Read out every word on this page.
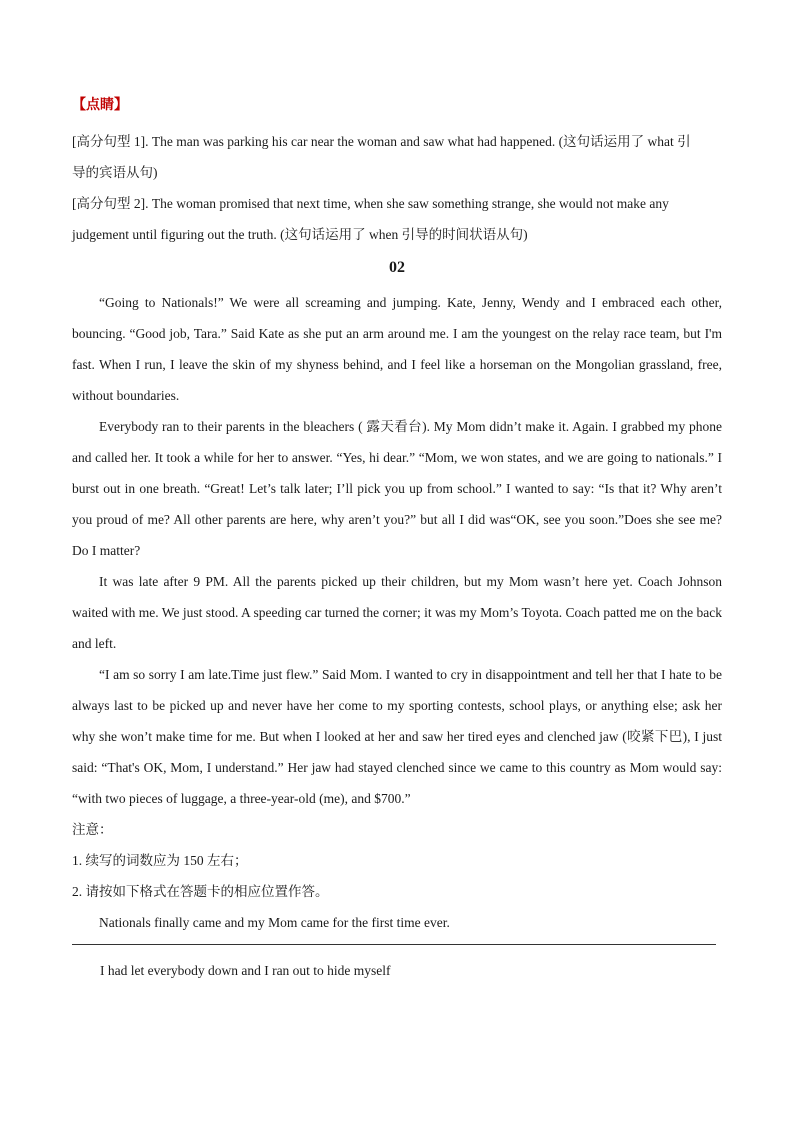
【点睛】

[高分句型 1]. The man was parking his car near the woman and saw what had happened. (这句话运用了 what 引

导的宾语从句)

[高分句型 2]. The woman promised that next time, when she saw something strange, she would not make any

judgement until figuring out the truth. (这句话运用了 when 引导的时间状语从句)

02

“Going to Nationals!” We were all screaming and jumping. Kate, Jenny, Wendy and I embraced each other, bouncing. “Good job, Tara.” Said Kate as she put an arm around me. I am the youngest on the relay race team, but I'm fast. When I run, I leave the skin of my shyness behind, and I feel like a horseman on the Mongolian grassland, free, without boundaries.

Everybody ran to their parents in the bleachers ( 露天看台). My Mom didn’t make it. Again. I grabbed my phone and called her. It took a while for her to answer. “Yes, hi dear.” “Mom, we won states, and we are going to nationals.” I burst out in one breath. “Great! Let’s talk later; I’ll pick you up from school.” I wanted to say: “Is that it? Why aren’t you proud of me? All other parents are here, why aren’t you?” but all I did was“OK, see you soon.”Does she see me? Do I matter?

It was late after 9 PM. All the parents picked up their children, but my Mom wasn’t here yet. Coach Johnson waited with me. We just stood. A speeding car turned the corner; it was my Mom’s Toyota. Coach patted me on the back and left.

“I am so sorry I am late.Time just flew.” Said Mom. I wanted to cry in disappointment and tell her that I hate to be always last to be picked up and never have her come to my sporting contests, school plays, or anything else; ask her why she won’t make time for me. But when I looked at her and saw her tired eyes and clenched jaw (咬紧下巴), I just said: “That's OK, Mom, I understand.” Her jaw had stayed clenched since we came to this country as Mom would say: “with two pieces of luggage, a three-year-old (me), and $700.”

注意：

1. 续写的词数应为 150 左右；

2. 请按如下格式在答题卡的相应位置作答。

Nationals finally came and my Mom came for the first time ever.

I had let everybody down and I ran out to hide myself
